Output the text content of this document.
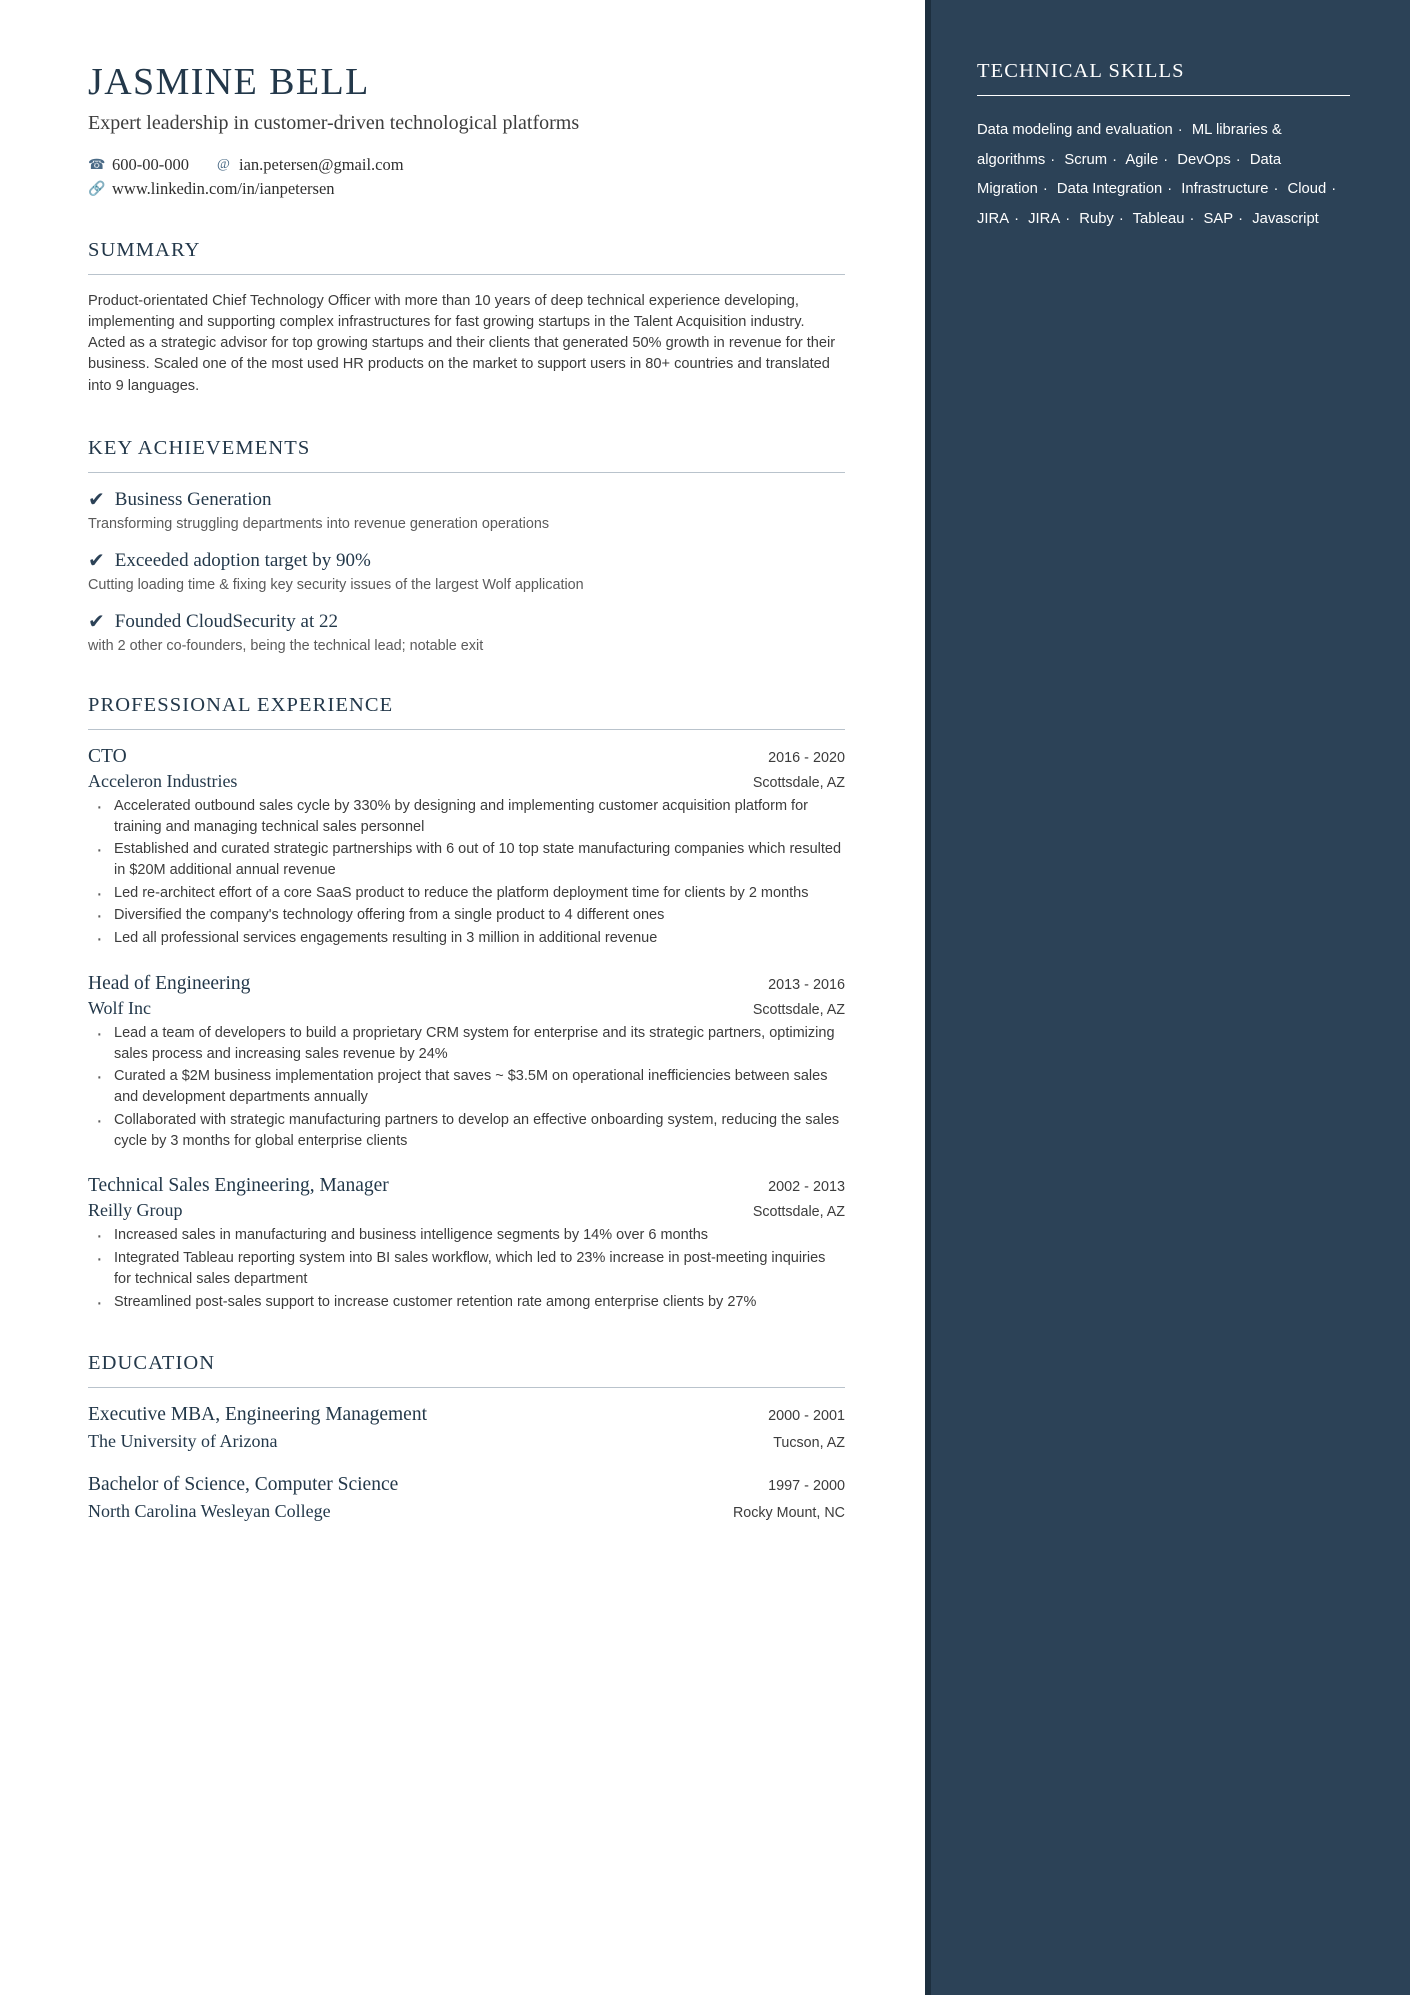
JASMINE BELL
Expert leadership in customer-driven technological platforms
☎ 600-00-000 @ ian.petersen@gmail.com
🔗 www.linkedin.com/in/ianpetersen
SUMMARY

Product-orientated Chief Technology Officer with more than 10 years of deep technical experience developing, implementing and supporting complex infrastructures for fast growing startups in the Talent Acquisition industry. Acted as a strategic advisor for top growing startups and their clients that generated 50% growth in revenue for their business. Scaled one of the most used HR products on the market to support users in 80+ countries and translated into 9 languages.

KEY ACHIEVEMENTS
✔ Business Generation
Transforming struggling departments into revenue generation operations
✔ Exceeded adoption target by 90%
Cutting loading time & fixing key security issues of the largest Wolf application
✔ Founded CloudSecurity at 22
with 2 other co-founders, being the technical lead; notable exit
PROFESSIONAL EXPERIENCE
CTO	2016 - 2020
Acceleron Industries	Scottsdale, AZ
· Accelerated outbound sales cycle by 330% by designing and implementing customer acquisition platform for training and managing technical sales personnel
· Established and curated strategic partnerships with 6 out of 10 top state manufacturing companies which resulted in $20M additional annual revenue
· Led re-architect effort of a core SaaS product to reduce the platform deployment time for clients by 2 months
· Diversified the company's technology offering from a single product to 4 different ones
· Led all professional services engagements resulting in 3 million in additional revenue
Head of Engineering	2013 - 2016
Wolf Inc	Scottsdale, AZ
· Lead a team of developers to build a proprietary CRM system for enterprise and its strategic partners, optimizing sales process and increasing sales revenue by 24%
· Curated a $2M business implementation project that saves ~ $3.5M on operational inefficiencies between sales and development departments annually
· Collaborated with strategic manufacturing partners to develop an effective onboarding system, reducing the sales cycle by 3 months for global enterprise clients
Technical Sales Engineering, Manager	2002 - 2013
Reilly Group	Scottsdale, AZ
· Increased sales in manufacturing and business intelligence segments by 14% over 6 months
· Integrated Tableau reporting system into BI sales workflow, which led to 23% increase in post-meeting inquiries for technical sales department
· Streamlined post-sales support to increase customer retention rate among enterprise clients by 27%
EDUCATION
Executive MBA, Engineering Management	2000 - 2001
The University of Arizona	Tucson, AZ
Bachelor of Science, Computer Science	1997 - 2000
North Carolina Wesleyan College	Rocky Mount, NC
TECHNICAL SKILLS
Data modeling and evaluation · ML libraries & algorithms · Scrum · Agile · DevOps · Data Migration · Data Integration · Infrastructure · Cloud · JIRA · JIRA · Ruby · Tableau · SAP · Javascript
